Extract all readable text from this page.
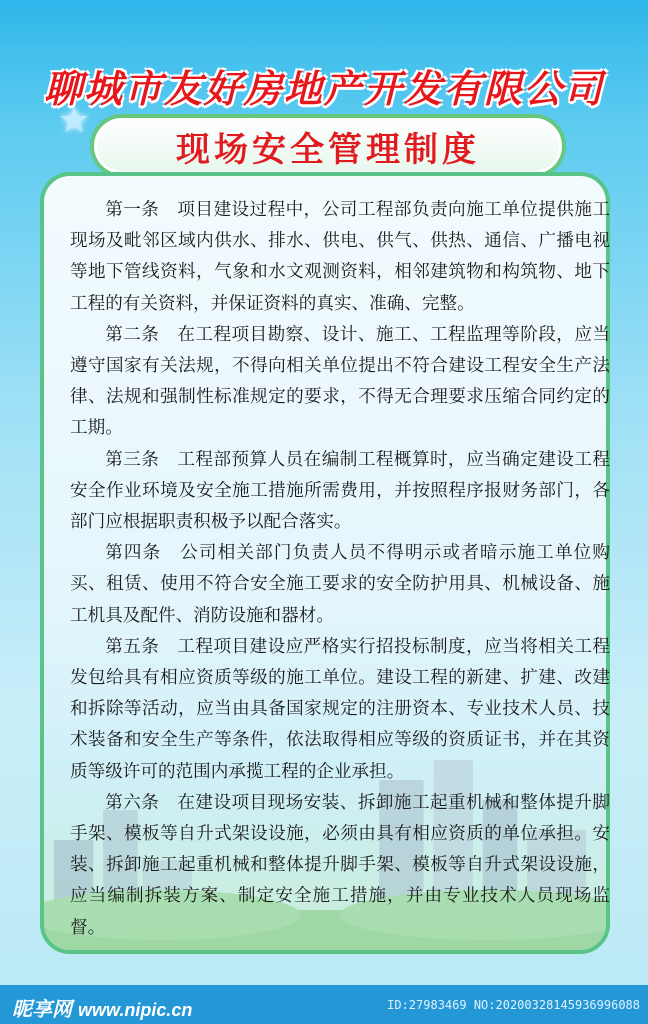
聊城市友好房地产开发有限公司
★
现场安全管理制度

第一条　项目建设过程中，公司工程部负责向施工单位提供施工现场及毗邻区域内供水、排水、供电、供气、供热、通信、广播电视等地下管线资料，气象和水文观测资料，相邻建筑物和构筑物、地下工程的有关资料，并保证资料的真实、准确、完整。

第二条　在工程项目勘察、设计、施工、工程监理等阶段，应当遵守国家有关法规，不得向相关单位提出不符合建设工程安全生产法律、法规和强制性标准规定的要求，不得无合理要求压缩合同约定的工期。

第三条　工程部预算人员在编制工程概算时，应当确定建设工程安全作业环境及安全施工措施所需费用，并按照程序报财务部门，各部门应根据职责积极予以配合落实。

第四条　公司相关部门负责人员不得明示或者暗示施工单位购买、租赁、使用不符合安全施工要求的安全防护用具、机械设备、施工机具及配件、消防设施和器材。

第五条　工程项目建设应严格实行招投标制度，应当将相关工程发包给具有相应资质等级的施工单位。建设工程的新建、扩建、改建和拆除等活动，应当由具备国家规定的注册资本、专业技术人员、技术装备和安全生产等条件，依法取得相应等级的资质证书，并在其资质等级许可的范围内承揽工程的企业承担。

第六条　在建设项目现场安装、拆卸施工起重机械和整体提升脚手架、模板等自升式架设设施，必须由具有相应资质的单位承担。安装、拆卸施工起重机械和整体提升脚手架、模板等自升式架设设施，应当编制拆装方案、制定安全施工措施，并由专业技术人员现场监督。

昵享网 www.nipic.cn	ID:27983469 NO:20200328145936996088
